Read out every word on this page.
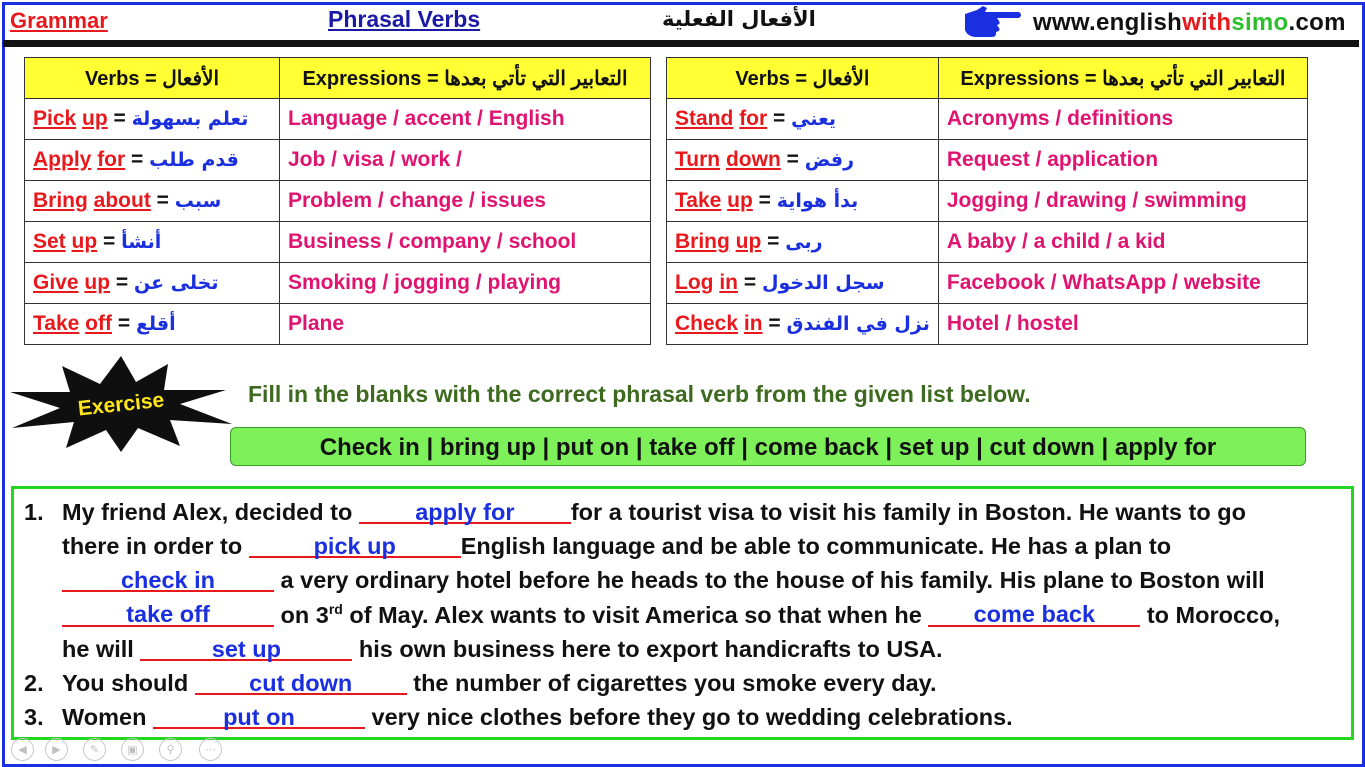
Grammar	Phrasal Verbs	الأفعال الفعلية	www.englishwithsimo.com
Verbs = الأفعال	Expressions = التعابير التي تأتي بعدها
Pick up = تعلم بسهولة	Language / accent / English
Apply for = قدم طلب	Job / visa / work /
Bring about = سبب	Problem / change / issues
Set up = أنشأ	Business / company / school
Give up = تخلى عن	Smoking / jogging / playing
Take off = أقلع	Plane
Verbs = الأفعال	Expressions = التعابير التي تأتي بعدها
Stand for = يعني	Acronyms / definitions
Turn down = رفض	Request / application
Take up = بدأ هواية	Jogging / drawing / swimming
Bring up = ربى	A baby / a child / a kid
Log in = سجل الدخول	Facebook / WhatsApp / website
Check in = نزل في الفندق	Hotel / hostel
Exercise	Fill in the blanks with the correct phrasal verb from the given list below.
Check in | bring up | put on | take off | come back | set up | cut down | apply for
1. My friend Alex, decided to	apply for	for a tourist visa to visit his family in Boston. He wants to go
there in order to	pick up	English language and be able to communicate. He has a plan to
check in	a very ordinary hotel before he heads to the house of his family. His plane to Boston will
take off	on 3rd of May. Alex wants to visit America so that when he	come back	to Morocco,
he will	set up	his own business here to export handicrafts to USA.
2. You should	cut down	the number of cigarettes you smoke every day.
3. Women	put on	very nice clothes before they go to wedding celebrations.
◀	▶	✎	▣	⚲	⋯
